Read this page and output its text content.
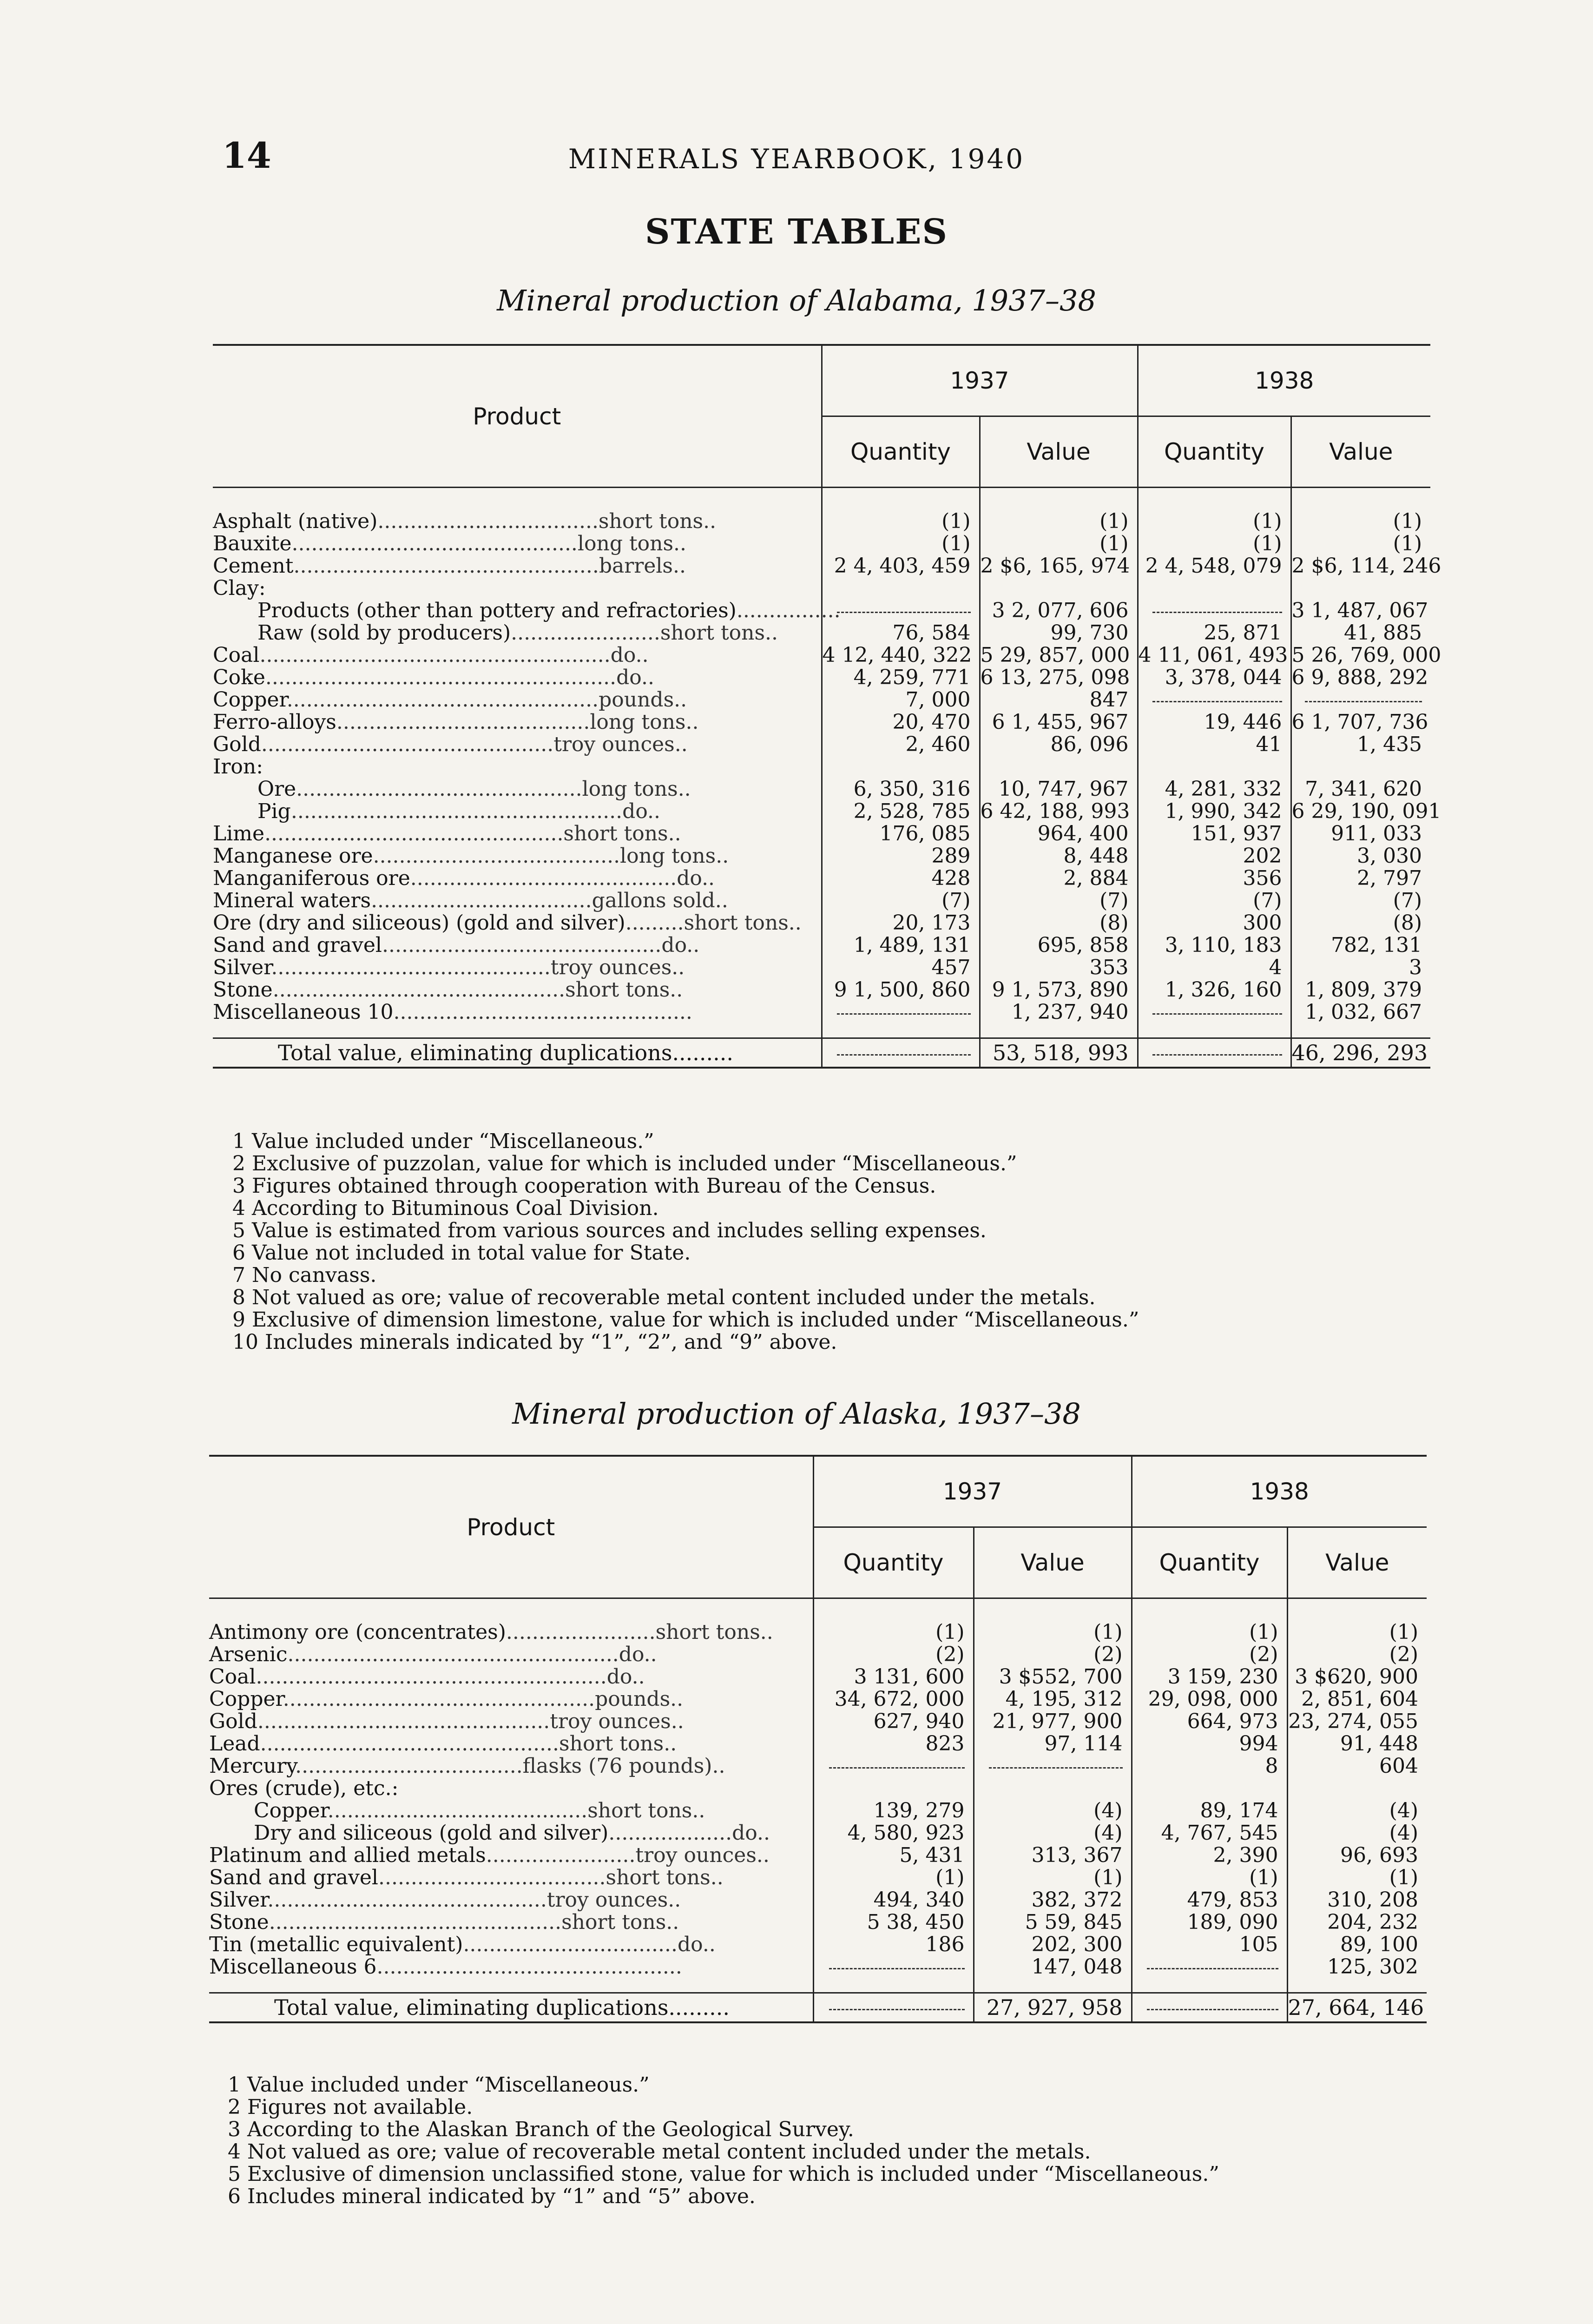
14	MINERALS YEARBOOK, 1940
STATE TABLES
Mineral production of Alabama, 1937–38
Product	1937		1938	
	Quantity	Value	Quantity	Value

Asphalt (native)..................................short tons..	(1)	(1)	(1)	(1)
Bauxite............................................long tons..	(1)	(1)	(1)	(1)
Cement...............................................barrels..	2 4, 403, 459	2 $6, 165, 974	2 4, 548, 079	2 $6, 114, 246
Clay:				
Products (other than pottery and refractories)................		3 2, 077, 606		3 1, 487, 067
Raw (sold by producers).......................short tons..	76, 584	99, 730	25, 871	41, 885
Coal......................................................do..	4 12, 440, 322	5 29, 857, 000	4 11, 061, 493	5 26, 769, 000
Coke......................................................do..	4, 259, 771	6 13, 275, 098	3, 378, 044	6 9, 888, 292
Copper................................................pounds..	7, 000	847		
Ferro-alloys.......................................long tons..	20, 470	6 1, 455, 967	19, 446	6 1, 707, 736
Gold.............................................troy ounces..	2, 460	86, 096	41	1, 435
Iron:				
Ore............................................long tons..	6, 350, 316	10, 747, 967	4, 281, 332	7, 341, 620
Pig...................................................do..	2, 528, 785	6 42, 188, 993	1, 990, 342	6 29, 190, 091
Lime..............................................short tons..	176, 085	964, 400	151, 937	911, 033
Manganese ore......................................long tons..	289	8, 448	202	3, 030
Manganiferous ore.........................................do..	428	2, 884	356	2, 797
Mineral waters..................................gallons sold..	(7)	(7)	(7)	(7)
Ore (dry and siliceous) (gold and silver).........short tons..	20, 173	(8)	300	(8)
Sand and gravel...........................................do..	1, 489, 131	695, 858	3, 110, 183	782, 131
Silver...........................................troy ounces..	457	353	4	3
Stone.............................................short tons..	9 1, 500, 860	9 1, 573, 890	1, 326, 160	1, 809, 379
Miscellaneous 10..............................................		1, 237, 940		1, 032, 667

Total value, eliminating duplications.........		53, 518, 993		46, 296, 293
1 Value included under “Miscellaneous.”
2 Exclusive of puzzolan, value for which is included under “Miscellaneous.”
3 Figures obtained through cooperation with Bureau of the Census.
4 According to Bituminous Coal Division.
5 Value is estimated from various sources and includes selling expenses.
6 Value not included in total value for State.
7 No canvass.
8 Not valued as ore; value of recoverable metal content included under the metals.
9 Exclusive of dimension limestone, value for which is included under “Miscellaneous.”
10 Includes minerals indicated by “1”, “2”, and “9” above.
Mineral production of Alaska, 1937–38
Product	1937		1938	
	Quantity	Value	Quantity	Value

Antimony ore (concentrates).......................short tons..	(1)	(1)	(1)	(1)
Arsenic...................................................do..	(2)	(2)	(2)	(2)
Coal......................................................do..	3 131, 600	3 $552, 700	3 159, 230	3 $620, 900
Copper................................................pounds..	34, 672, 000	4, 195, 312	29, 098, 000	2, 851, 604
Gold.............................................troy ounces..	627, 940	21, 977, 900	664, 973	23, 274, 055
Lead..............................................short tons..	823	97, 114	994	91, 448
Mercury...................................flasks (76 pounds)..			8	604
Ores (crude), etc.:				
Copper........................................short tons..	139, 279	(4)	89, 174	(4)
Dry and siliceous (gold and silver)...................do..	4, 580, 923	(4)	4, 767, 545	(4)
Platinum and allied metals.......................troy ounces..	5, 431	313, 367	2, 390	96, 693
Sand and gravel...................................short tons..	(1)	(1)	(1)	(1)
Silver...........................................troy ounces..	494, 340	382, 372	479, 853	310, 208
Stone.............................................short tons..	5 38, 450	5 59, 845	189, 090	204, 232
Tin (metallic equivalent).................................do..	186	202, 300	105	89, 100
Miscellaneous 6...............................................		147, 048		125, 302

Total value, eliminating duplications.........		27, 927, 958		27, 664, 146
1 Value included under “Miscellaneous.”
2 Figures not available.
3 According to the Alaskan Branch of the Geological Survey.
4 Not valued as ore; value of recoverable metal content included under the metals.
5 Exclusive of dimension unclassified stone, value for which is included under “Miscellaneous.”
6 Includes mineral indicated by “1” and “5” above.
